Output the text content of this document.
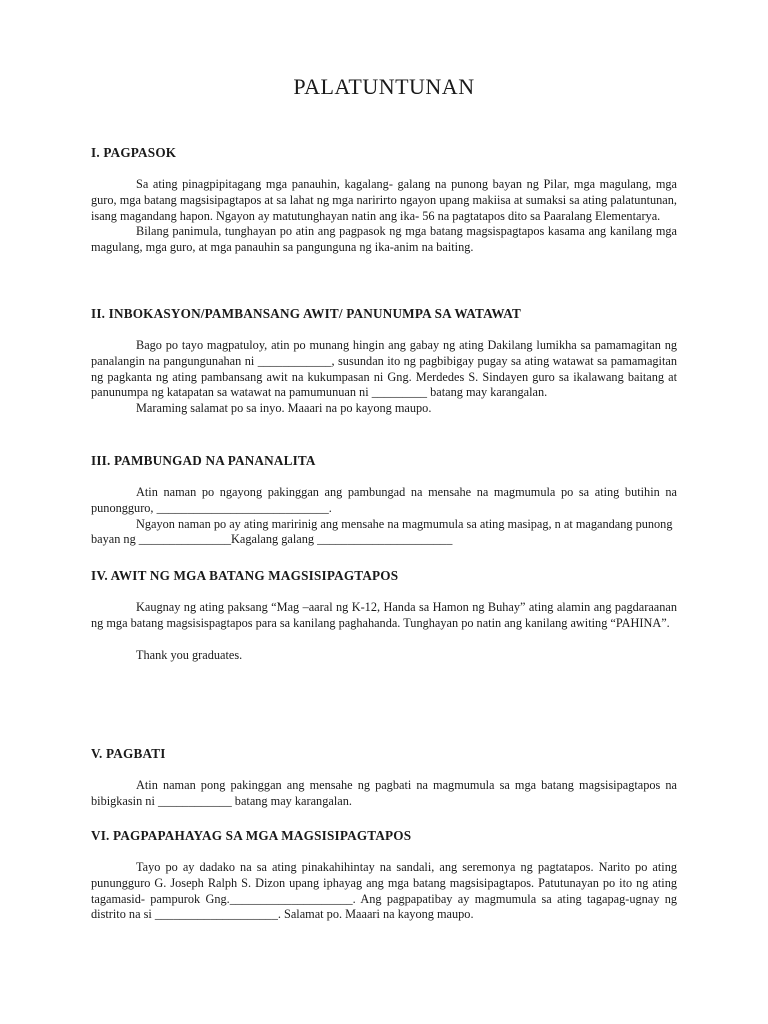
PALATUNTUNAN
I. PAGPASOK

Sa ating pinagpipitagang mga panauhin, kagalang- galang na punong bayan ng Pilar, mga magulang, mga guro, mga batang magsisipagtapos at sa lahat ng mga naririrto ngayon upang makiisa at sumaksi sa ating palatuntunan, isang magandang hapon. Ngayon ay matutunghayan natin ang ika- 56 na pagtatapos dito sa Paaralang Elementarya.

Bilang panimula, tunghayan po atin ang pagpasok ng mga batang magsispagtapos kasama ang kanilang mga magulang, mga guro, at mga panauhin sa pangunguna ng ika-anim na baiting.

II. INBOKASYON/PAMBANSANG AWIT/ PANUNUMPA SA WATAWAT

Bago po tayo magpatuloy, atin po munang hingin ang gabay ng ating Dakilang lumikha sa pamamagitan ng panalangin na pangungunahan ni ____________, susundan ito ng pagbibigay pugay sa ating watawat sa pamamagitan ng pagkanta ng ating pambansang awit na kukumpasan ni Gng. Merdedes S. Sindayen guro sa ikalawang baitang at panunumpa ng katapatan sa watawat na pamumunuan ni _________ batang may karangalan.

Maraming salamat po sa inyo. Maaari na po kayong maupo.

III. PAMBUNGAD NA PANANALITA

Atin naman po ngayong pakinggan ang pambungad na mensahe na magmumula po sa ating butihin na punongguro, ____________________________.

Ngayon naman po ay ating maririnig ang mensahe na magmumula sa ating masipag, n at magandang punong bayan ng _______________Kagalang galang ______________________

IV. AWIT NG MGA BATANG MAGSISIPAGTAPOS

Kaugnay ng ating paksang “Mag –aaral ng K-12, Handa sa Hamon ng Buhay” ating alamin ang pagdaraanan ng mga batang magsisispagtapos para sa kanilang paghahanda. Tunghayan po natin ang kanilang awiting “PAHINA”.

Thank you graduates.

V. PAGBATI

Atin naman pong pakinggan ang mensahe ng pagbati na magmumula sa mga batang magsisipagtapos na bibigkasin ni ____________ batang may karangalan.

VI. PAGPAPAHAYAG SA MGA MAGSISIPAGTAPOS

Tayo po ay dadako na sa ating pinakahihintay na sandali, ang seremonya ng pagtatapos. Narito po ating punungguro G. Joseph Ralph S. Dizon upang iphayag ang mga batang magsisipagtapos. Patutunayan po ito ng ating tagamasid- pampurok Gng.____________________. Ang pagpapatibay ay magmumula sa ating tagapag-ugnay ng distrito na si ____________________. Salamat po. Maaari na kayong maupo.
